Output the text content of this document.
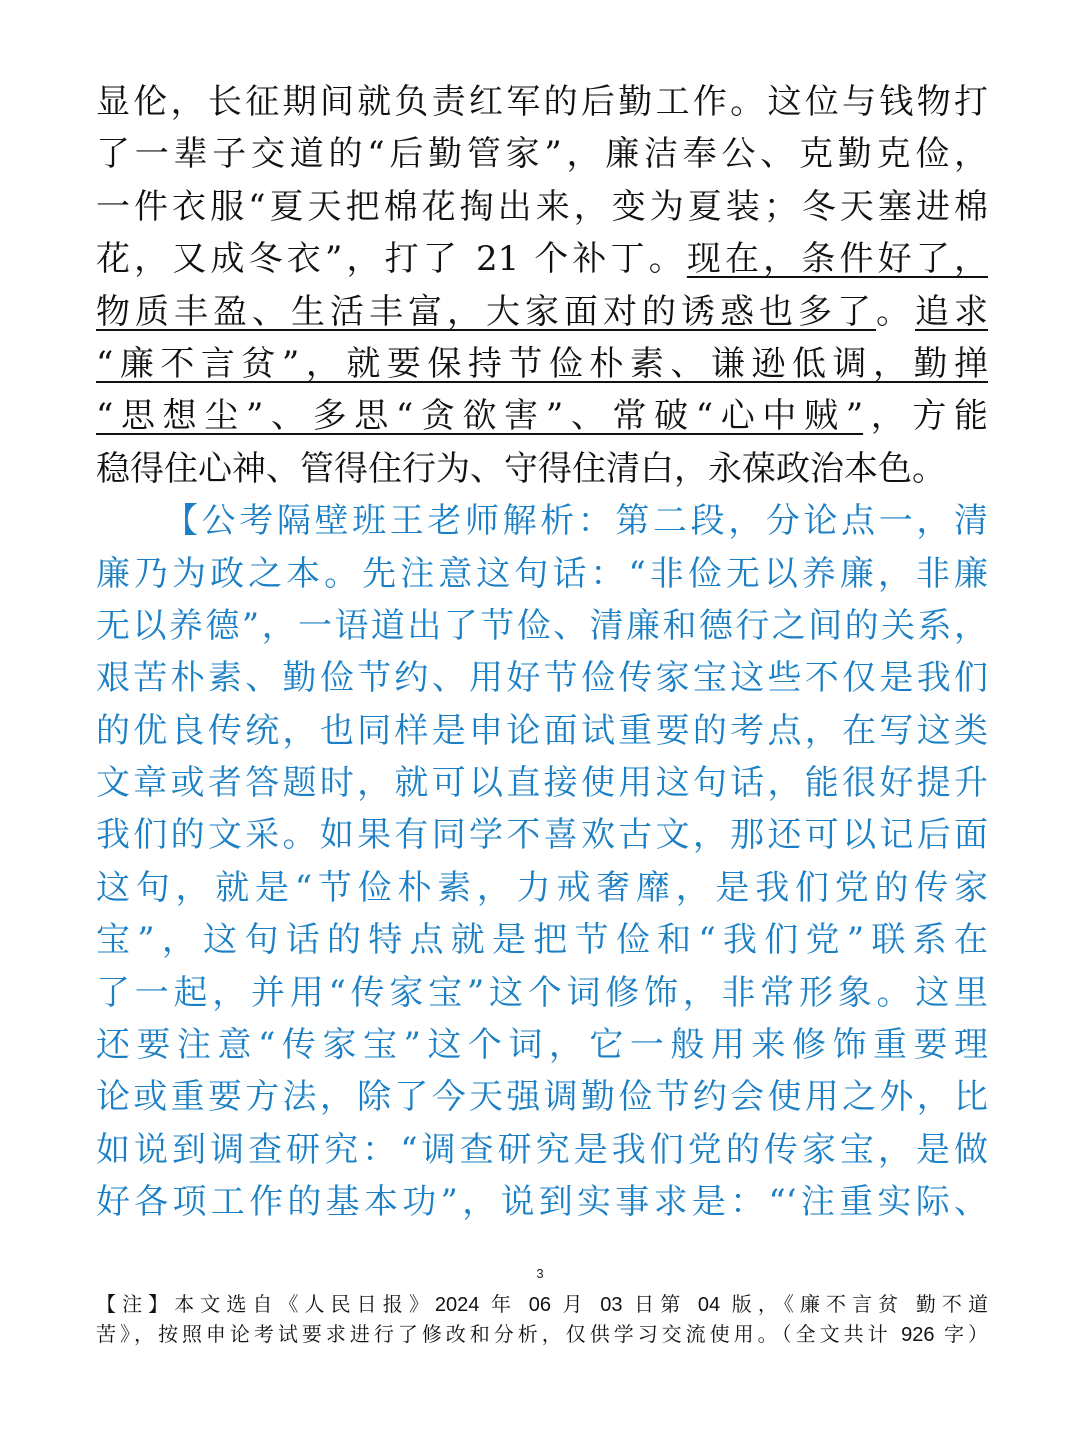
显伦，长征期间就负责红军的后勤工作。这位与钱物打
了一辈子交道的“后勤管家”，廉洁奉公、克勤克俭，
一件衣服“夏天把棉花掏出来，变为夏装；冬天塞进棉
花，又成冬衣”，打了 21 个补丁。现在，条件好了，
物质丰盈、生活丰富，大家面对的诱惑也多了。追求
“廉不言贫”，就要保持节俭朴素、谦逊低调，勤掸
“思想尘”、多思“贪欲害”、常破“心中贼”，方能
稳得住心神、管得住行为、守得住清白，永葆政治本色。
【公考隔壁班王老师解析：第二段，分论点一，清
廉乃为政之本。先注意这句话：“非俭无以养廉，非廉
无以养德”，一语道出了节俭、清廉和德行之间的关系，
艰苦朴素、勤俭节约、用好节俭传家宝这些不仅是我们
的优良传统，也同样是申论面试重要的考点，在写这类
文章或者答题时，就可以直接使用这句话，能很好提升
我们的文采。如果有同学不喜欢古文，那还可以记后面
这句，就是“节俭朴素，力戒奢靡，是我们党的传家
宝”，这句话的特点就是把节俭和“我们党”联系在
了一起，并用“传家宝”这个词修饰，非常形象。这里
还要注意“传家宝”这个词，它一般用来修饰重要理
论或重要方法，除了今天强调勤俭节约会使用之外，比
如说到调查研究：“调查研究是我们党的传家宝，是做
好各项工作的基本功”，说到实事求是：“‘注重实际、
3
【注】本文选自《人民日报》2024 年 06 月 03 日第 04 版，《廉不言贫 勤不道
苦》，按照申论考试要求进行了修改和分析，仅供学习交流使用。（全文共计 926 字）
